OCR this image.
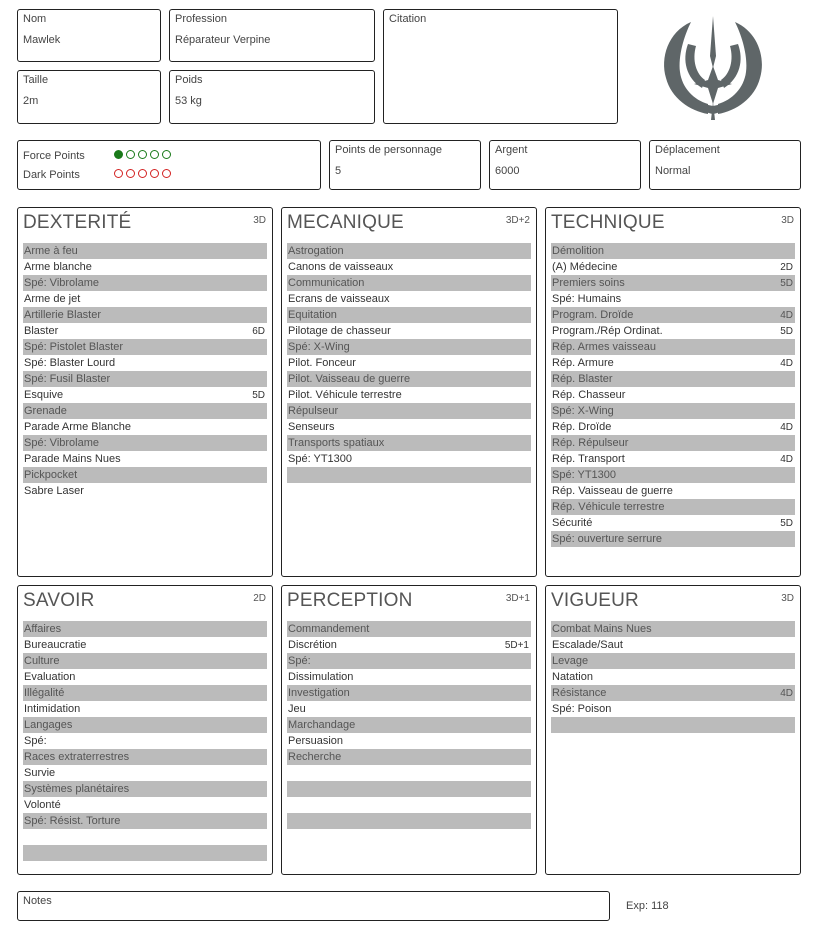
Nom
Mawlek
Profession
Réparateur Verpine
Citation
Taille
2m
Poids
53 kg
Force Points
Dark Points
Points de personnage
5
Argent
6000
Déplacement
Normal
DEXTERITÉ	3D
Arme à feu
Arme blanche
Spé: Vibrolame
Arme de jet
Artillerie Blaster
Blaster	6D
Spé: Pistolet Blaster
Spé: Blaster Lourd
Spé: Fusil Blaster
Esquive	5D
Grenade
Parade Arme Blanche
Spé: Vibrolame
Parade Mains Nues
Pickpocket
Sabre Laser
MECANIQUE	3D+2
Astrogation
Canons de vaisseaux
Communication
Ecrans de vaisseaux
Equitation
Pilotage de chasseur
Spé: X-Wing
Pilot. Fonceur
Pilot. Vaisseau de guerre
Pilot. Véhicule terrestre
Répulseur
Senseurs
Transports spatiaux
Spé: YT1300
TECHNIQUE	3D
Démolition
(A) Médecine	2D
Premiers soins	5D
Spé: Humains
Program. Droïde	4D
Program./Rép Ordinat.	5D
Rép. Armes vaisseau
Rép. Armure	4D
Rép. Blaster
Rép. Chasseur
Spé: X-Wing
Rép. Droïde	4D
Rép. Répulseur
Rép. Transport	4D
Spé: YT1300
Rép. Vaisseau de guerre
Rép. Véhicule terrestre
Sécurité	5D
Spé: ouverture serrure
SAVOIR	2D
Affaires
Bureaucratie
Culture
Evaluation
Illégalité
Intimidation
Langages
Spé:
Races extraterrestres
Survie
Systèmes planétaires
Volonté
Spé: Résist. Torture
PERCEPTION	3D+1
Commandement
Discrétion	5D+1
Spé:
Dissimulation
Investigation
Jeu
Marchandage
Persuasion
Recherche
VIGUEUR	3D
Combat Mains Nues
Escalade/Saut
Levage
Natation
Résistance	4D
Spé: Poison
Notes	Exp: 118
